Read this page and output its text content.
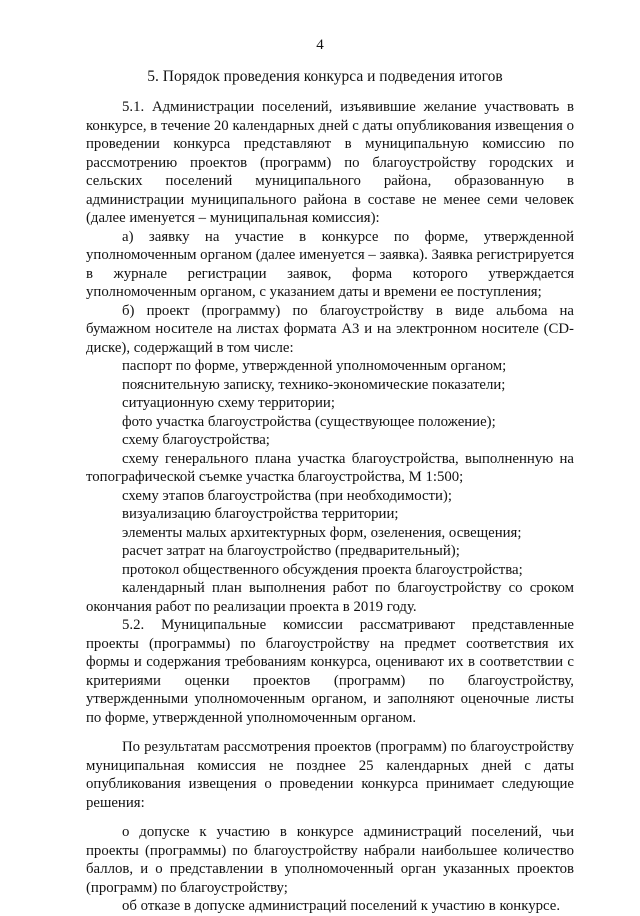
4
5. Порядок проведения конкурса и подведения итогов

5.1. Администрации поселений, изъявившие желание участвовать в конкурсе, в течение 20 календарных дней с даты опубликования извещения о проведении конкурса представляют в муниципальную комиссию по рассмотрению проектов (программ) по благоустройству городских и сельских поселений муниципального района, образованную в администрации муниципального района в составе не менее семи человек (далее именуется – муниципальная комиссия):

а) заявку на участие в конкурсе по форме, утвержденной уполномоченным органом (далее именуется – заявка). Заявка регистрируется в журнале регистрации заявок, форма которого утверждается уполномоченным органом, с указанием даты и времени ее поступления;

б) проект (программу) по благоустройству в виде альбома на бумажном носителе на листах формата А3 и на электронном носителе (CD-диске), содержащий в том числе:

паспорт по форме, утвержденной уполномоченным органом;

пояснительную записку, технико-экономические показатели;

ситуационную схему территории;

фото участка благоустройства (существующее положение);

схему благоустройства;

схему генерального плана участка благоустройства, выполненную на топографической съемке участка благоустройства, М 1:500;

схему этапов благоустройства (при необходимости);

визуализацию благоустройства территории;

элементы малых архитектурных форм, озеленения, освещения;

расчет затрат на благоустройство (предварительный);

протокол общественного обсуждения проекта благоустройства;

календарный план выполнения работ по благоустройству со сроком окончания работ по реализации проекта в 2019 году.

5.2. Муниципальные комиссии рассматривают представленные проекты (программы) по благоустройству на предмет соответствия их формы и содержания требованиям конкурса, оценивают их в соответствии с критериями оценки проектов (программ) по благоустройству, утвержденными уполномоченным органом, и заполняют оценочные листы по форме, утвержденной уполномоченным органом.

По результатам рассмотрения проектов (программ) по благоустройству муниципальная комиссия не позднее 25 календарных дней с даты опубликования извещения о проведении конкурса принимает следующие решения:

о допуске к участию в конкурсе администраций поселений, чьи проекты (программы) по благоустройству набрали наибольшее количество баллов, и о представлении в уполномоченный орган указанных проектов (программ) по благоустройству;

об отказе в допуске администраций поселений к участию в конкурсе.
